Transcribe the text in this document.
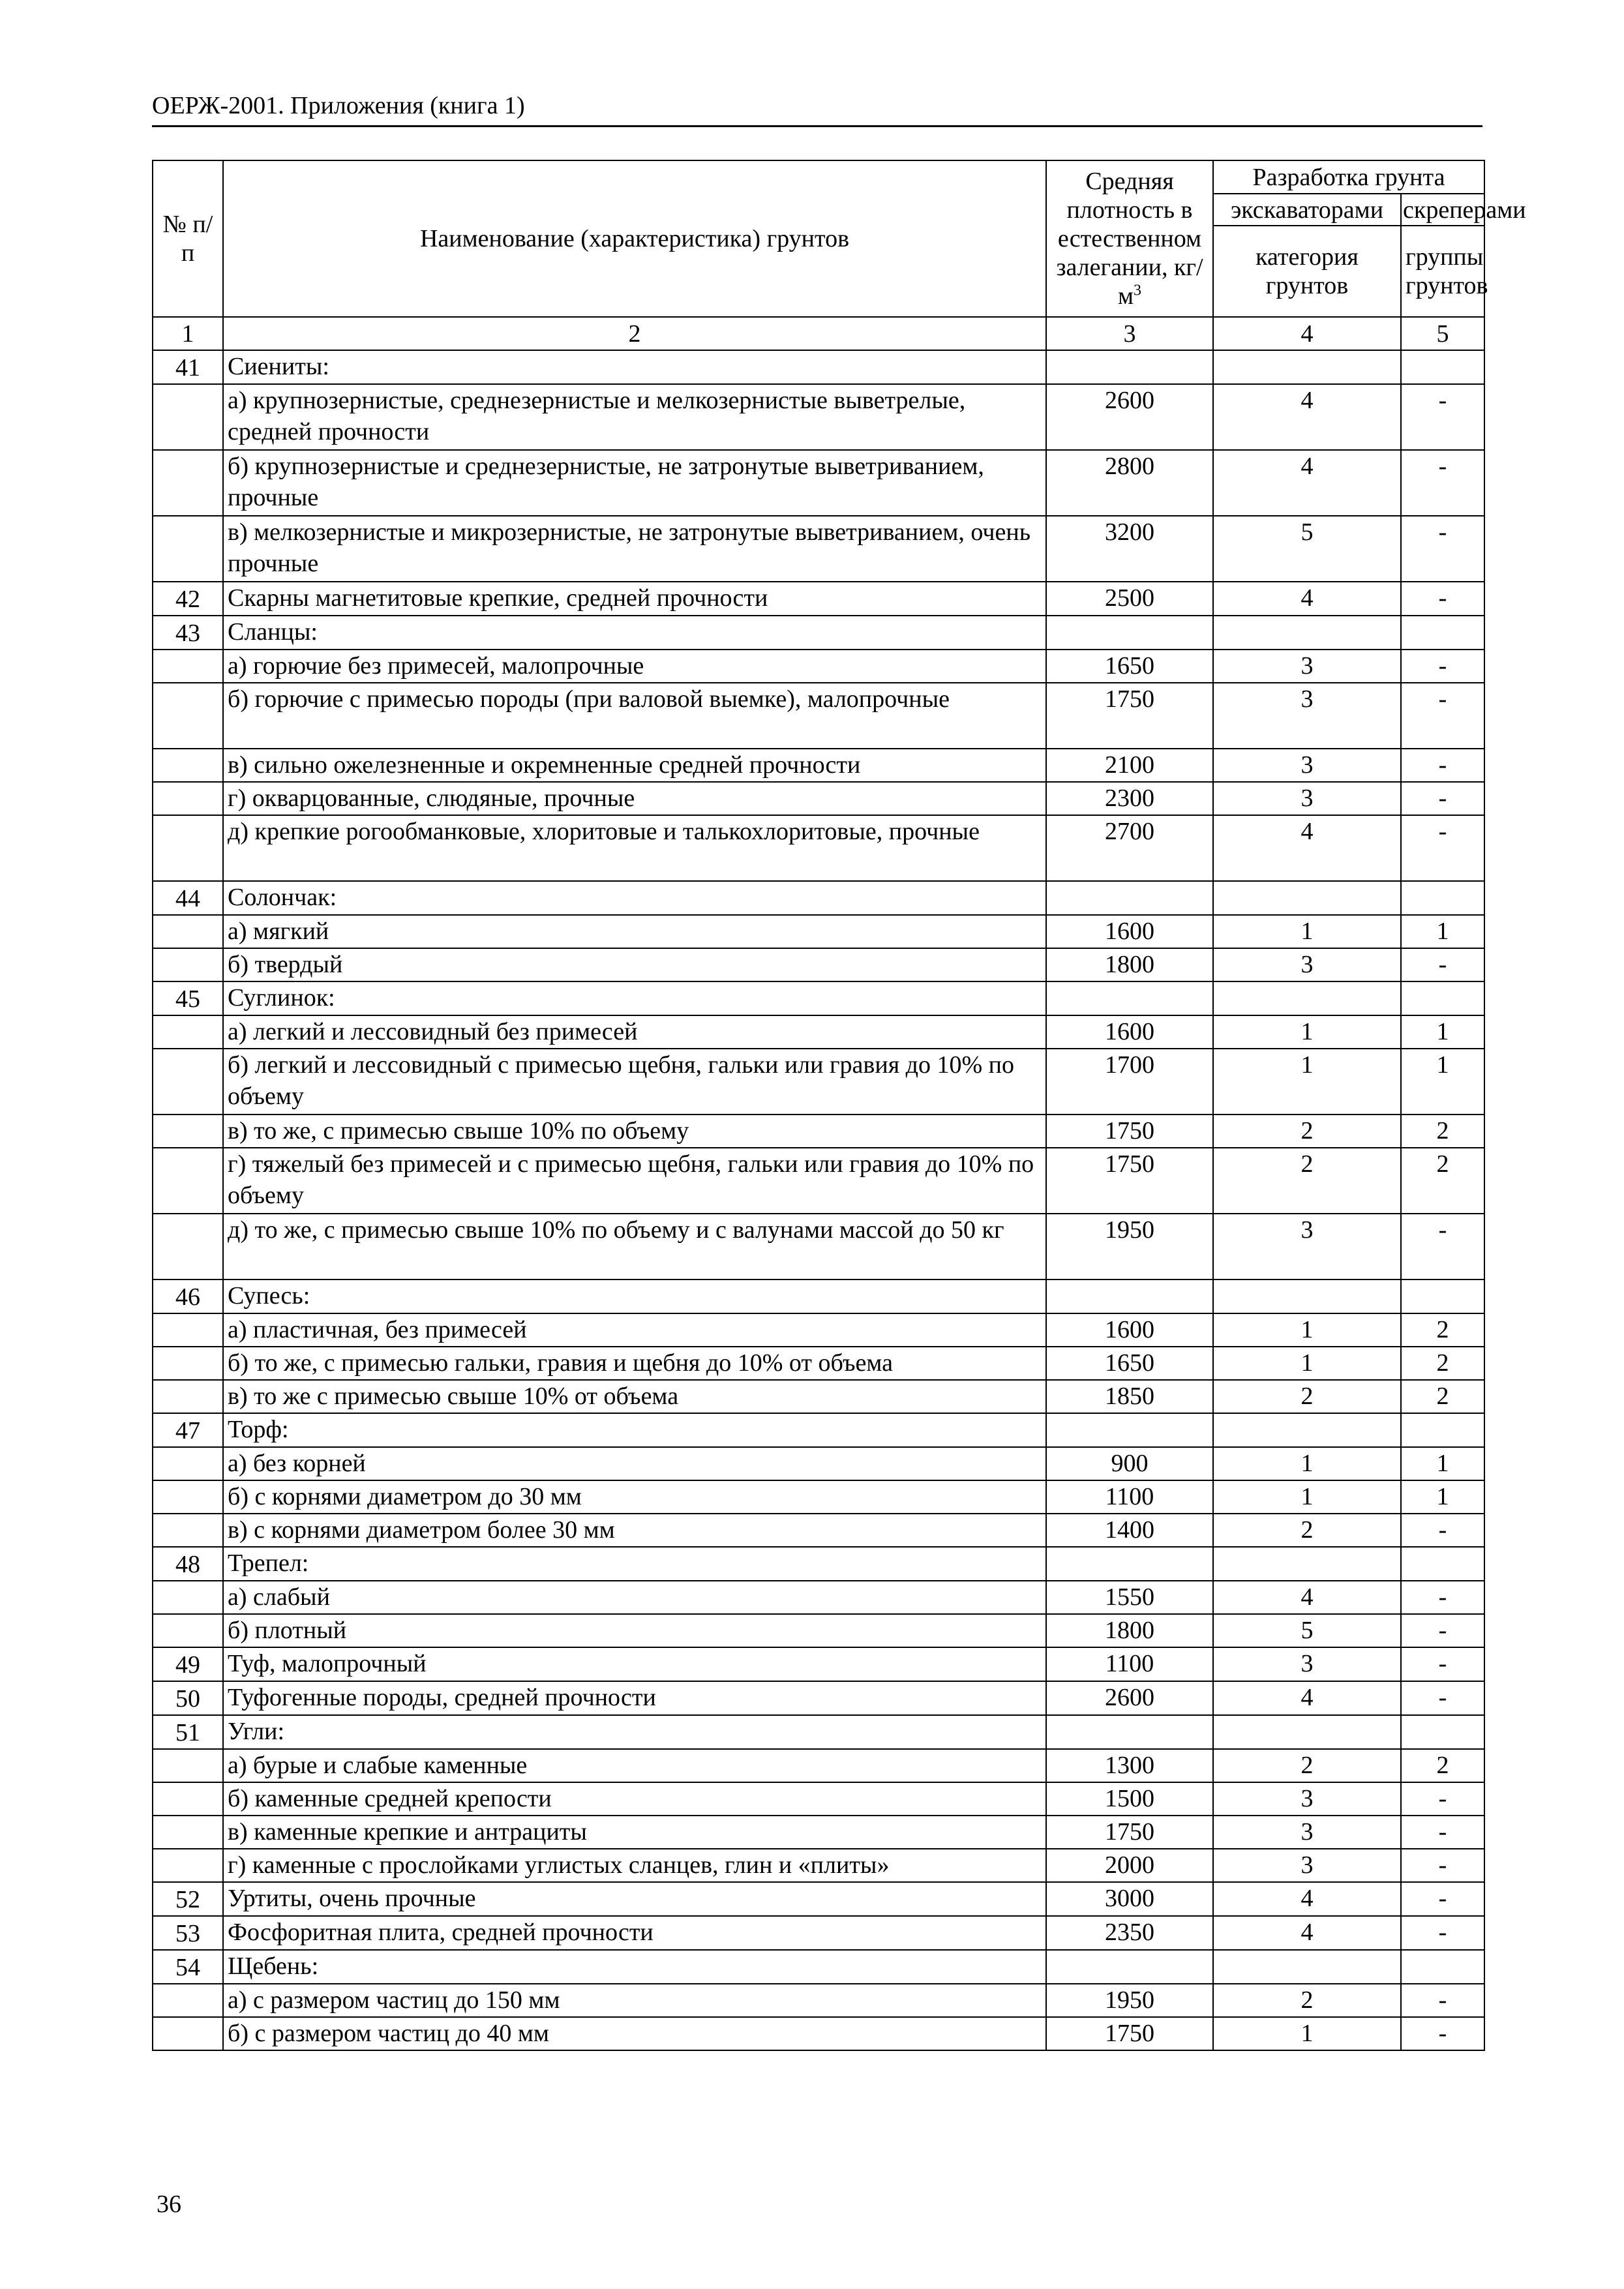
ОЕРЖ-2001. Приложения (книга 1)
№ п/п	Наименование (характеристика) грунтов	Средняя плотность в естественном залегании, $кг/м^3$	Разработка грунта	
			экскаваторами	скреперами
			категория грунтов	группы грунтов
1	2	3	4	5
41	Сиениты:			
	а) крупнозернистые, среднезернистые и мелкозернистые выветрелые, средней прочности	2600	4	-
	б) крупнозернистые и среднезернистые, не затронутые выветриванием, прочные	2800	4	-
	в) мелкозернистые и микрозернистые, не затронутые выветриванием, очень прочные	3200	5	-
42	Скарны магнетитовые крепкие, средней прочности	2500	4	-
43	Сланцы:			
	а) горючие без примесей, малопрочные	1650	3	-
	б) горючие с примесью породы (при валовой выемке), малопрочные	1750	3	-
	в) сильно ожелезненные и окремненные средней прочности	2100	3	-
	г) окварцованные, слюдяные, прочные	2300	3	-
	д) крепкие рогообманковые, хлоритовые и талькохлоритовые, прочные	2700	4	-
44	Солончак:			
	а) мягкий	1600	1	1
	б) твердый	1800	3	-
45	Суглинок:			
	а) легкий и лессовидный без примесей	1600	1	1
	б) легкий и лессовидный с примесью щебня, гальки или гравия до 10% по объему	1700	1	1
	в) то же, с примесью свыше 10% по объему	1750	2	2
	г) тяжелый без примесей и с примесью щебня, гальки или гравия до 10% по объему	1750	2	2
	д) то же, с примесью свыше 10% по объему и с валунами массой до 50 кг	1950	3	-
46	Супесь:			
	а) пластичная, без примесей	1600	1	2
	б) то же, с примесью гальки, гравия и щебня до 10% от объема	1650	1	2
	в) то же с примесью свыше 10% от объема	1850	2	2
47	Торф:			
	а) без корней	900	1	1
	б) с корнями диаметром до 30 мм	1100	1	1
	в) с корнями диаметром более 30 мм	1400	2	-
48	Трепел:			
	а) слабый	1550	4	-
	б) плотный	1800	5	-
49	Туф, малопрочный	1100	3	-
50	Туфогенные породы, средней прочности	2600	4	-
51	Угли:			
	а) бурые и слабые каменные	1300	2	2
	б) каменные средней крепости	1500	3	-
	в) каменные крепкие и антрациты	1750	3	-
	г) каменные с прослойками углистых сланцев, глин и «плиты»	2000	3	-
52	Уртиты, очень прочные	3000	4	-
53	Фосфоритная плита, средней прочности	2350	4	-
54	Щебень:			
	а) с размером частиц до 150 мм	1950	2	-
	б) с размером частиц до 40 мм	1750	1	-
36
